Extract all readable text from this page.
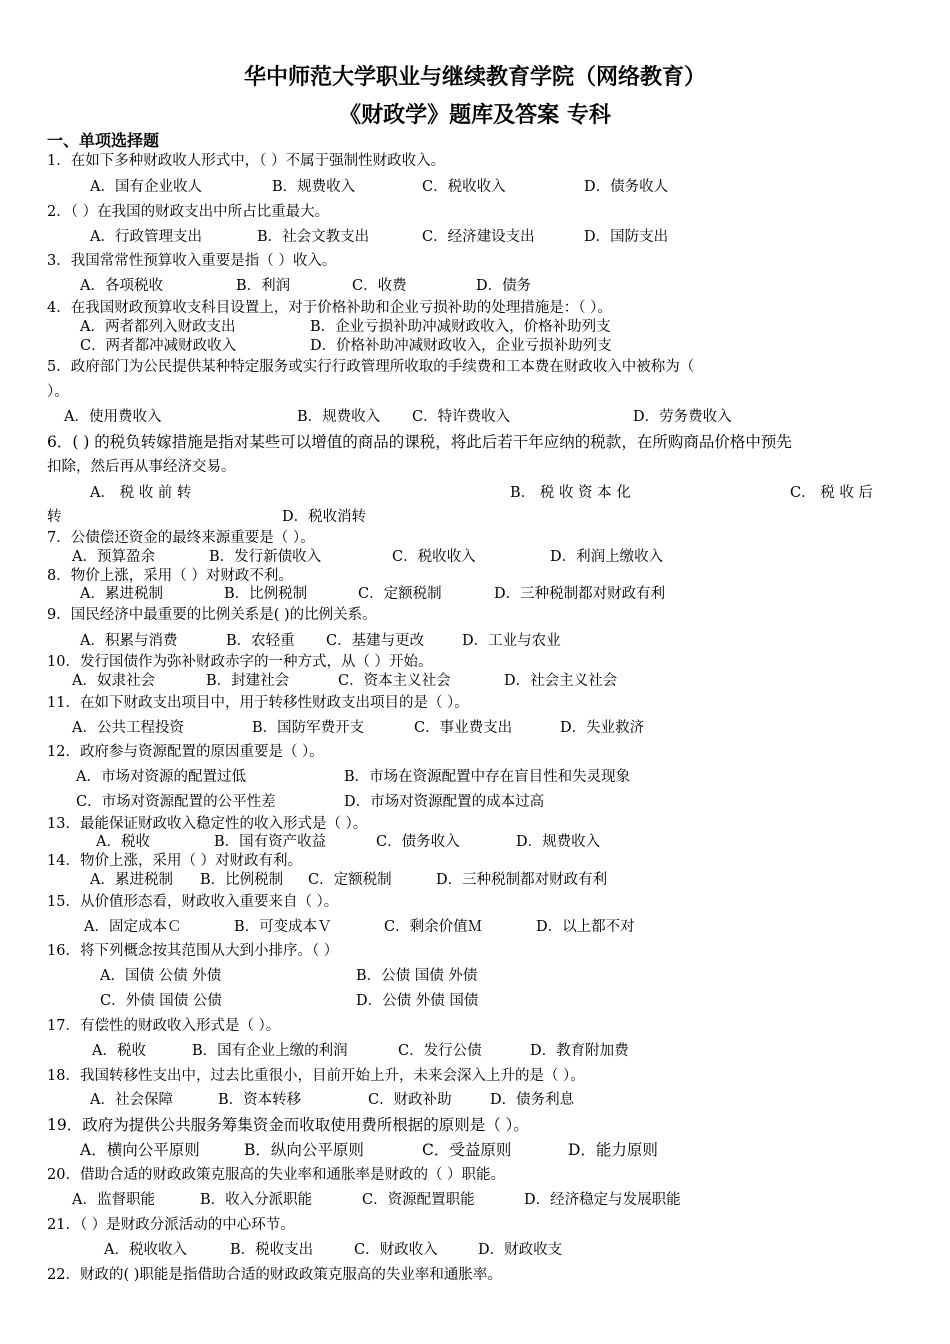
华中师范大学职业与继续教育学院（网络教育）
《财政学》题库及答案 专科
一、单项选择题
1．在如下多种财政收人形式中，（ ）不属于强制性财政收入。
A．国有企业收人	B．规费收入	C．税收收入	D．债务收人
2．（ ）在我国的财政支出中所占比重最大。
A．行政管理支出	B．社会文教支出	C．经济建设支出	D．国防支出
3．我国常常性预算收入重要是指（ ）收入。
A．各项税收	B．利润	C．收费	D．债务
4．在我国财政预算收支科目设置上，对于价格补助和企业亏损补助的处理措施是：（ ）。
A．两者都列入财政支出	B．企业亏损补助冲减财政收入，价格补助列支
C．两者都冲减财政收入	D．价格补助冲减财政收入，企业亏损补助列支
5．政府部门为公民提供某种特定服务或实行行政管理所收取的手续费和工本费在财政收入中被称为（
）。
A．使用费收入	B．规费收入 C．特许费收入	D．劳务费收入
6．( ) 的税负转嫁措施是指对某些可以增值的商品的课税，将此后若干年应纳的税款，在所购商品价格中预先
扣除，然后再从事经济交易。
A． 税 收 前 转	B． 税 收 资 本 化	C． 税 收 后
转	D．税收消转
7．公债偿还资金的最终来源重要是（ ）。
A．预算盈余	B．发行新债收入	C．税收收入	D．利润上缴收入
8．物价上涨，采用（ ）对财政不利。
A．累进税制	B．比例税制	C．定额税制	D．三种税制都对财政有利
9．国民经济中最重要的比例关系是( )的比例关系。
A．积累与消费	B．农轻重 C．基建与更改	D．工业与农业
10．发行国债作为弥补财政赤字的一种方式，从（ ）开始。
A．奴隶社会	B．封建社会	C．资本主义社会	D．社会主义社会
11．在如下财政支出项目中，用于转移性财政支出项目的是（ ）。
A．公共工程投资	B．国防军费开支	C．事业费支出	D．失业救济
12．政府参与资源配置的原因重要是（ ）。
A．市场对资源的配置过低	B．市场在资源配置中存在盲目性和失灵现象
C．市场对资源配置的公平性差	D．市场对资源配置的成本过高
13．最能保证财政收入稳定性的收入形式是（ ）。
A．税收	B．国有资产收益	C．债务收入	D．规费收入
14．物价上涨，采用（ ）对财政有利。
A．累进税制 B．比例税制 C．定额税制	D．三种税制都对财政有利
15．从价值形态看，财政收入重要来自（ ）。
A．固定成本Ｃ	B．可变成本Ｖ	C．剩余价值Ｍ	D．以上都不对
16．将下列概念按其范围从大到小排序。（ ）
A．国债 公债 外债	B．公债 国债 外债
C．外债 国债 公债	D．公债 外债 国债
17．有偿性的财政收入形式是（ ）。
A．税收	B．国有企业上缴的利润	C．发行公债	D．教育附加费
18．我国转移性支出中，过去比重很小，目前开始上升，未来会深入上升的是（ ）。
A．社会保障	B．资本转移	C．财政补助	D．债务利息
19．政府为提供公共服务筹集资金而收取使用费所根据的原则是（ ）。
A．横向公平原则	B．纵向公平原则	C．受益原则	D．能力原则
20．借助合适的财政政策克服高的失业率和通胀率是财政的（ ）职能。
A．监督职能	B．收入分派职能	C．资源配置职能	D．经济稳定与发展职能
21．（ ）是财政分派活动的中心环节。
A．税收收入	B．税收支出	C．财政收入	D．财政收支
22．财政的( )职能是指借助合适的财政政策克服高的失业率和通胀率。
